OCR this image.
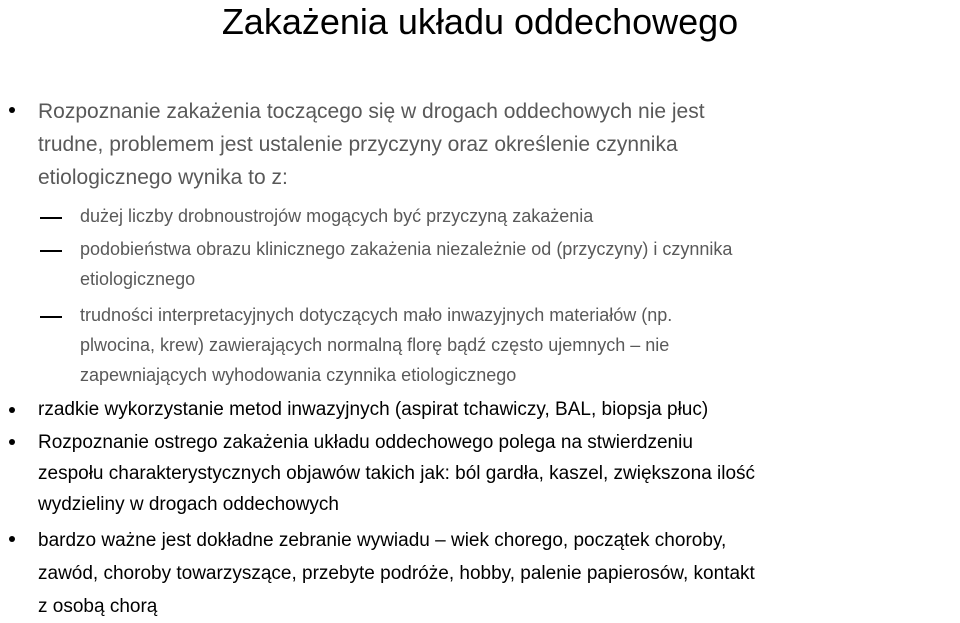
Zakażenia układu oddechowego
Rozpoznanie zakażenia toczącego się w drogach oddechowych nie jest
trudne, problemem jest ustalenie przyczyny oraz określenie czynnika
etiologicznego wynika to z:
dużej liczby drobnoustrojów mogących być przyczyną zakażenia
podobieństwa obrazu klinicznego zakażenia niezależnie od (przyczyny) i czynnika
etiologicznego
trudności interpretacyjnych dotyczących mało inwazyjnych materiałów (np.
plwocina, krew) zawierających normalną florę bądź często ujemnych – nie
zapewniających wyhodowania czynnika etiologicznego
rzadkie wykorzystanie metod inwazyjnych (aspirat tchawiczy, BAL, biopsja płuc)
Rozpoznanie ostrego zakażenia układu oddechowego polega na stwierdzeniu
zespołu charakterystycznych objawów takich jak: ból gardła, kaszel, zwiększona ilość
wydzieliny w drogach oddechowych
bardzo ważne jest dokładne zebranie wywiadu – wiek chorego, początek choroby,
zawód, choroby towarzyszące, przebyte podróże, hobby, palenie papierosów, kontakt
z osobą chorą
